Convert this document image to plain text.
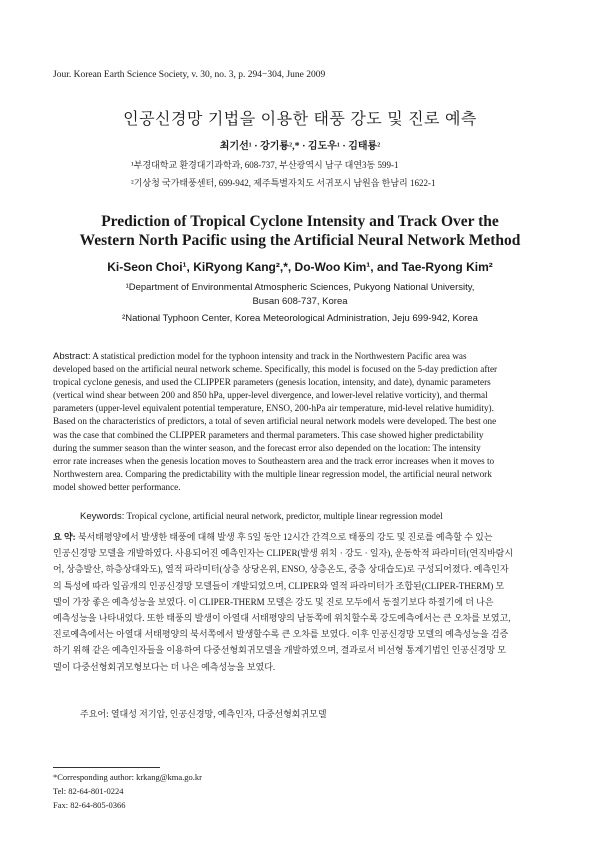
Jour. Korean Earth Science Society, v. 30, no. 3, p. 294−304, June 2009
인공신경망 기법을 이용한 태풍 강도 및 진로 예측
최기선¹ · 강기룡²,* · 김도우¹ · 김태룡²
¹부경대학교 환경대기과학과, 608-737, 부산광역시 남구 대연3동 599-1
²기상청 국가태풍센터, 699-942, 제주특별자치도 서귀포시 남원읍 한남리 1622-1
Prediction of Tropical Cyclone Intensity and Track Over the
Western North Pacific using the Artificial Neural Network Method
Ki-Seon Choi¹, KiRyong Kang²,*, Do-Woo Kim¹, and Tae-Ryong Kim²
¹Department of Environmental Atmospheric Sciences, Pukyong National University,
Busan 608-737, Korea
²National Typhoon Center, Korea Meteorological Administration, Jeju 699-942, Korea
Abstract: A statistical prediction model for the typhoon intensity and track in the Northwestern Pacific area was
developed based on the artificial neural network scheme. Specifically, this model is focused on the 5-day prediction after
tropical cyclone genesis, and used the CLIPPER parameters (genesis location, intensity, and date), dynamic parameters
(vertical wind shear between 200 and 850 hPa, upper-level divergence, and lower-level relative vorticity), and thermal
parameters (upper-level equivalent potential temperature, ENSO, 200-hPa air temperature, mid-level relative humidity).
Based on the characteristics of predictors, a total of seven artificial neural network models were developed. The best one
was the case that combined the CLIPPER parameters and thermal parameters. This case showed higher predictability
during the summer season than the winter season, and the forecast error also depended on the location: The intensity
error rate increases when the genesis location moves to Southeastern area and the track error increases when it moves to
Northwestern area. Comparing the predictability with the multiple linear regression model, the artificial neural network
model showed better performance.
Keywords: Tropical cyclone, artificial neural network, predictor, multiple linear regression model
요 약: 북서태평양에서 발생한 태풍에 대해 발생 후 5일 동안 12시간 간격으로 태풍의 강도 및 진로를 예측할 수 있는
인공신경망 모델을 개발하였다. 사용되어진 예측인자는 CLIPER(발생 위치 · 강도 · 일자), 운동학적 파라미터(연직바람시
어, 상층발산, 하층상대와도), 열적 파라미터(상층 상당온위, ENSO, 상층온도, 중층 상대습도)로 구성되어졌다. 예측인자
의 특성에 따라 일곱개의 인공신경망 모델들이 개발되었으며, CLIPER와 열적 파라미터가 조합된(CLIPER-THERM) 모
델이 가장 좋은 예측성능을 보였다. 이 CLIPER-THERM 모델은 강도 및 진로 모두에서 동절기보다 하절기에 더 나은
예측성능을 나타내었다. 또한 태풍의 발생이 아열대 서태평양의 남동쪽에 위치할수록 강도예측에서는 큰 오차를 보였고,
진로예측에서는 아열대 서태평양의 북서쪽에서 발생할수록 큰 오차를 보였다. 이후 인공신경망 모델의 예측성능을 검증
하기 위해 같은 예측인자들을 이용하여 다중선형회귀모델을 개발하였으며, 결과로서 비선형 통계기법인 인공신경망 모
델이 다중선형회귀모형보다는 더 나은 예측성능을 보였다.
주요어: 열대성 저기압, 인공신경망, 예측인자, 다중선형회귀모델
*Corresponding author: krkang@kma.go.kr
Tel: 82-64-801-0224
Fax: 82-64-805-0366
